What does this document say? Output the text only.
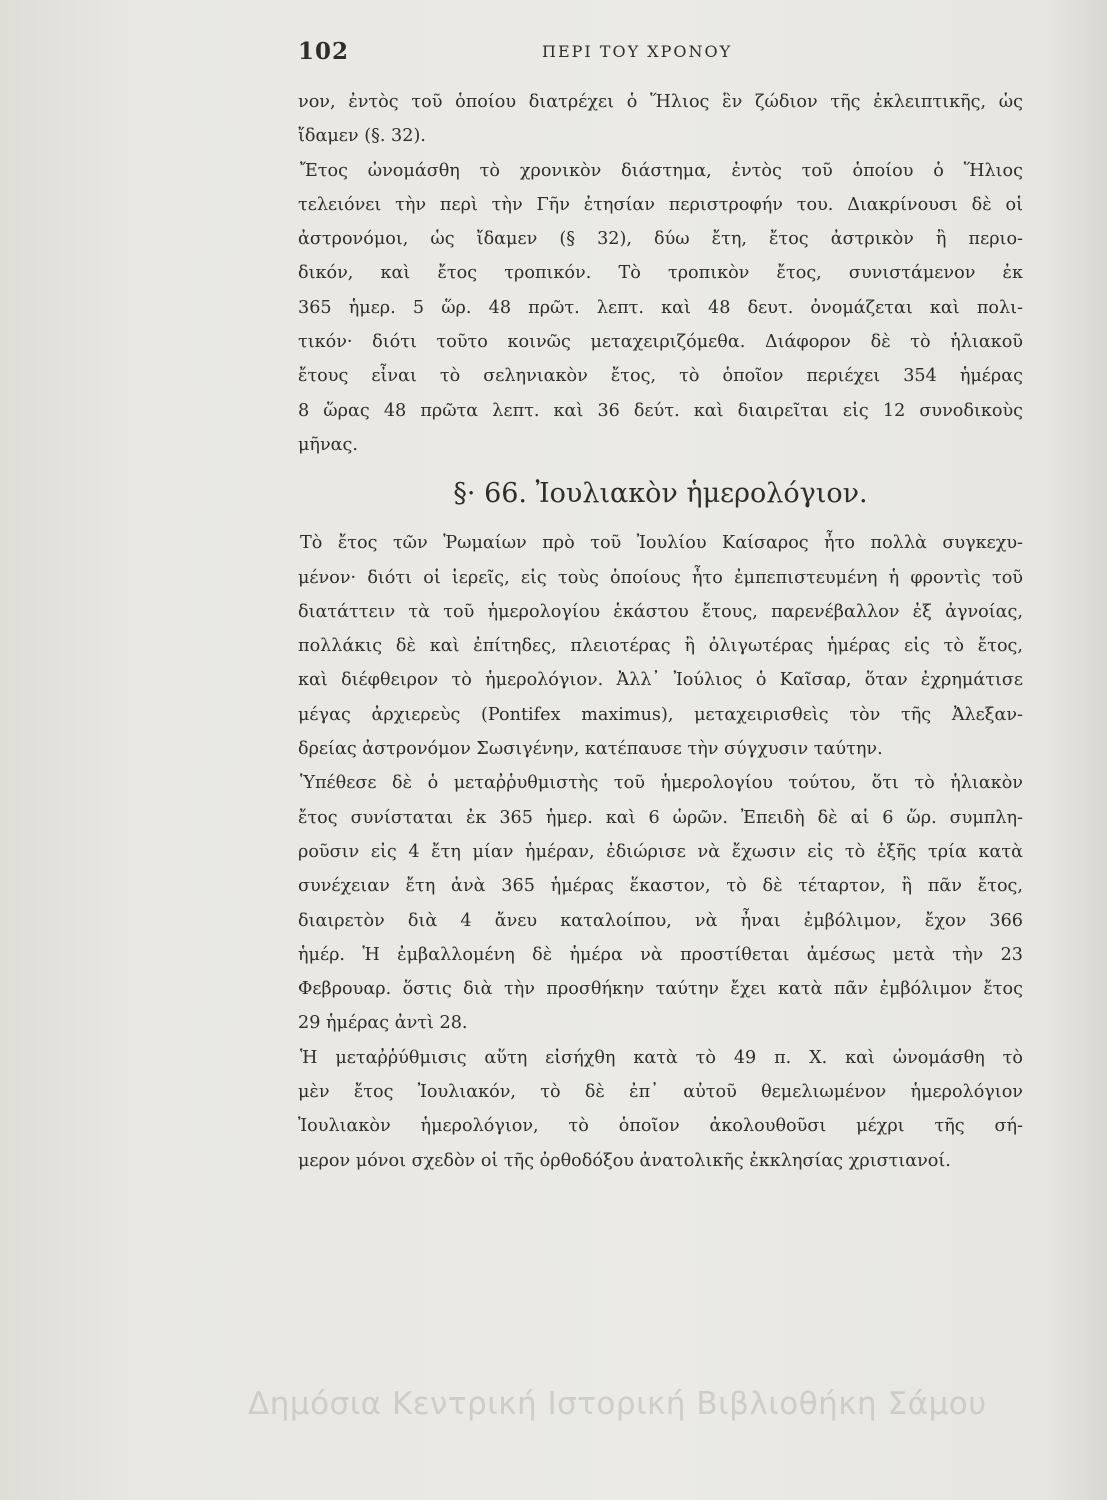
102	ΠΕΡΙ ΤΟΥ ΧΡΟΝΟΥ
νον, ἐντὸς τοῦ ὁποίου διατρέχει ὁ Ἥλιος ἓν ζώδιον τῆς ἐκλειπτικῆς, ὡς
ἴδαμεν (§. 32).
Ἔτος ὠνομάσθη τὸ χρονικὸν διάστημα, ἐντὸς τοῦ ὁποίου ὁ Ἥλιος
τελειόνει τὴν περὶ τὴν Γῆν ἐτησίαν περιστροφήν του. Διακρίνουσι δὲ οἱ
ἀστρονόμοι, ὡς ἴδαμεν (§ 32), δύω ἔτη, ἔτος ἀστρικὸν ἢ περιο-
δικόν, καὶ ἔτος τροπικόν. Τὸ τροπικὸν ἔτος, συνιστάμενον ἐκ
365 ἡμερ. 5 ὥρ. 48 πρῶτ. λεπτ. καὶ 48 δευτ. ὀνομάζεται καὶ πολι-
τικόν· διότι τοῦτο κοινῶς μεταχειριζόμεθα. Διάφορον δὲ τὸ ἡλιακοῦ
ἔτους εἶναι τὸ σεληνιακὸν ἔτος, τὸ ὁποῖον περιέχει 354 ἡμέρας
8 ὥρας 48 πρῶτα λεπτ. καὶ 36 δεύτ. καὶ διαιρεῖται εἰς 12 συνοδικοὺς
μῆνας.
§· 66. Ἰουλιακὸν ἡμερολόγιον.
Τὸ ἔτος τῶν Ῥωμαίων πρὸ τοῦ Ἰουλίου Καίσαρος ἦτο πολλὰ συγκεχυ-
μένον· διότι οἱ ἱερεῖς, εἰς τοὺς ὁποίους ἦτο ἐμπεπιστευμένη ἡ φροντὶς τοῦ
διατάττειν τὰ τοῦ ἡμερολογίου ἑκάστου ἔτους, παρενέβαλλον ἐξ ἀγνοίας,
πολλάκις δὲ καὶ ἐπίτηδες, πλειοτέρας ἢ ὀλιγωτέρας ἡμέρας εἰς τὸ ἔτος,
καὶ διέφθειρον τὸ ἡμερολόγιον. Ἀλλ᾽ Ἰούλιος ὁ Καῖσαρ, ὅταν ἐχρημάτισε
μέγας ἀρχιερεὺς (Pontifex maximus), μεταχειρισθεὶς τὸν τῆς Ἀλεξαν-
δρείας ἀστρονόμον Σωσιγένην, κατέπαυσε τὴν σύγχυσιν ταύτην.
Ὑπέθεσε δὲ ὁ μεταῤῥυθμιστὴς τοῦ ἡμερολογίου τούτου, ὅτι τὸ ἡλιακὸν
ἔτος συνίσταται ἐκ 365 ἡμερ. καὶ 6 ὡρῶν. Ἐπειδὴ δὲ αἱ 6 ὥρ. συμπλη-
ροῦσιν εἰς 4 ἔτη μίαν ἡμέραν, ἐδιώρισε νὰ ἔχωσιν εἰς τὸ ἑξῆς τρία κατὰ
συνέχειαν ἔτη ἀνὰ 365 ἡμέρας ἕκαστον, τὸ δὲ τέταρτον, ἢ πᾶν ἔτος,
διαιρετὸν διὰ 4 ἄνευ καταλοίπου, νὰ ἦναι ἐμβόλιμον, ἔχον 366
ἡμέρ. Ἡ ἐμβαλλομένη δὲ ἡμέρα νὰ προστίθεται ἀμέσως μετὰ τὴν 23
Φεβρουαρ. ὅστις διὰ τὴν προσθήκην ταύτην ἔχει κατὰ πᾶν ἐμβόλιμον ἔτος
29 ἡμέρας ἀντὶ 28.
Ἡ μεταῤῥύθμισις αὕτη εἰσήχθη κατὰ τὸ 49 π. Χ. καὶ ὠνομάσθη τὸ
μὲν ἔτος Ἰουλιακόν, τὸ δὲ ἐπ᾽ αὐτοῦ θεμελιωμένον ἡμερολόγιον
Ἰουλιακὸν ἡμερολόγιον, τὸ ὁποῖον ἀκολουθοῦσι μέχρι τῆς σή-
μερον μόνοι σχεδὸν οἱ τῆς ὀρθοδόξου ἀνατολικῆς ἐκκλησίας χριστιανοί.
Δημόσια Κεντρική Ιστορική Βιβλιοθήκη Σάμου
